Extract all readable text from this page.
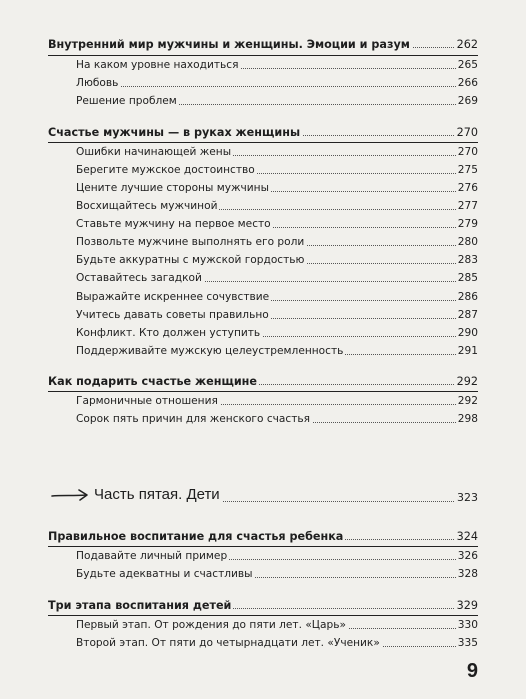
Внутренний мир мужчины и женщины. Эмоции и разум	262
На каком уровне находиться	265
Любовь	266
Решение проблем	269
Счастье мужчины — в руках женщины	270
Ошибки начинающей жены	270
Берегите мужское достоинство	275
Цените лучшие стороны мужчины	276
Восхищайтесь мужчиной	277
Ставьте мужчину на первое место	279
Позвольте мужчине выполнять его роли	280
Будьте аккуратны с мужской гордостью	283
Оставайтесь загадкой	285
Выражайте искреннее сочувствие	286
Учитесь давать советы правильно	287
Конфликт. Кто должен уступить	290
Поддерживайте мужскую целеустремленность	291
Как подарить счастье женщине	292
Гармоничные отношения	292
Сорок пять причин для женского счастья	298
Часть пятая. Дети	323
Правильное воспитание для счастья ребенка	324
Подавайте личный пример	326
Будьте адекватны и счастливы	328
Три этапа воспитания детей	329
Первый этап. От рождения до пяти лет. «Царь»	330
Второй этап. От пяти до четырнадцати лет. «Ученик»	335
9
